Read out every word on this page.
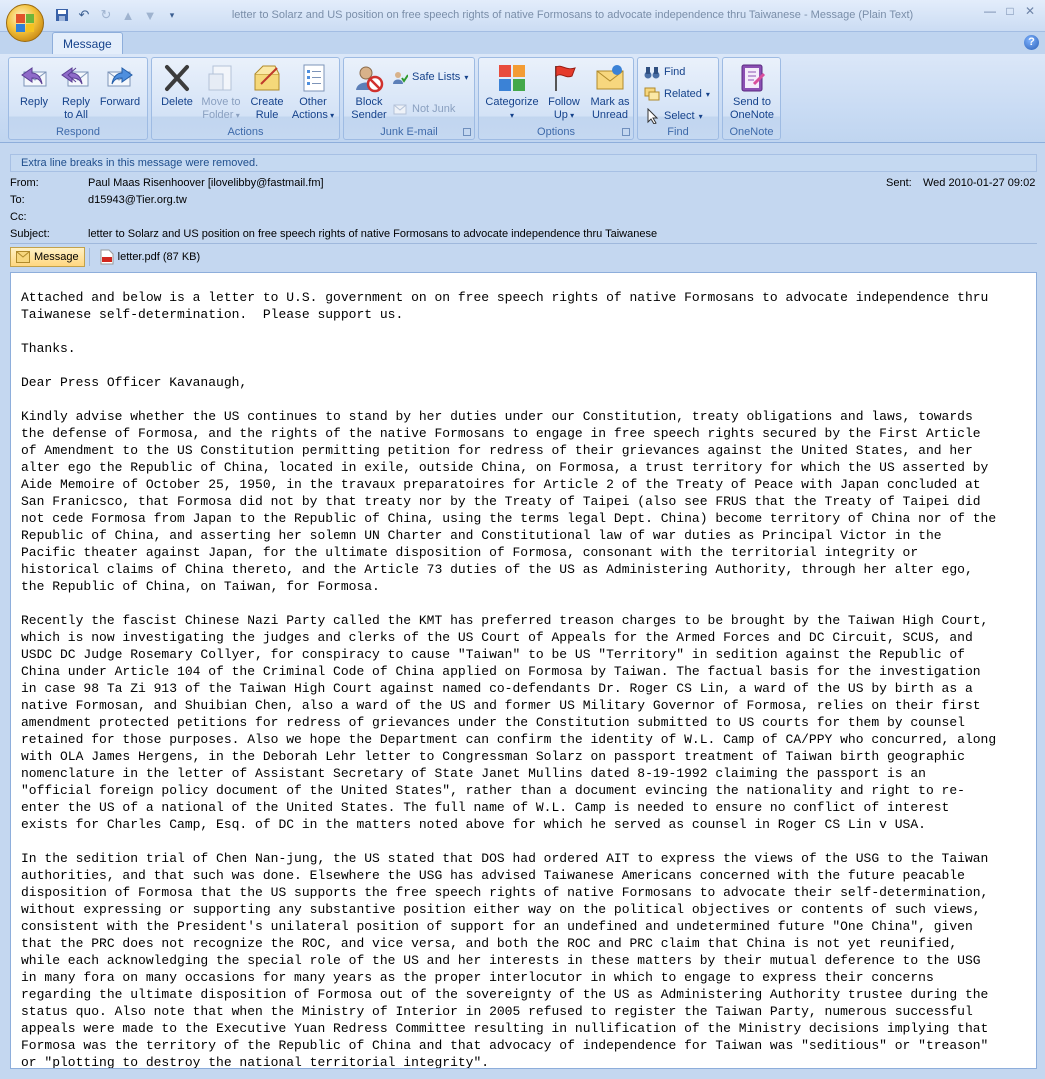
↶ ↻ ▲ ▼	▾	letter to Solarz and US position on free speech rights of native Formosans to advocate independence thru Taiwanese - Message (Plain Text)	— □ ✕
Message	?
Reply	Reply
to All
Forward
Respond
Delete Move to
Folder ▾
Create
Rule
Other
Actions ▾
Actions
Block
Sender
Safe Lists ▾
Not Junk
Junk E-mail
Categorize
▾
Follow
Up ▾
Mark as
Unread
Options
Find
Related ▾
Select ▾
Find
Send to
OneNote
OneNote
Extra line breaks in this message were removed.
From:	Paul Maas Risenhoover [ilovelibby@fastmail.fm]	Sent: Wed 2010-01-27 09:02
To:	d15943@Tier.org.tw
Cc:
Subject:	letter to Solarz and US position on free speech rights of native Formosans to advocate independence thru Taiwanese
Message	letter.pdf (87 KB)
Attached and below is a letter to U.S. government on on free speech rights of native Formosans to advocate independence thru
Taiwanese self-determination.  Please support us.

Thanks.

Dear Press Officer Kavanaugh,

Kindly advise whether the US continues to stand by her duties under our Constitution, treaty obligations and laws, towards
the defense of Formosa, and the rights of the native Formosans to engage in free speech rights secured by the First Article
of Amendment to the US Constitution permitting petition for redress of their grievances against the United States, and her
alter ego the Republic of China, located in exile, outside China, on Formosa, a trust territory for which the US asserted by
Aide Memoire of October 25, 1950, in the travaux preparatoires for Article 2 of the Treaty of Peace with Japan concluded at
San Franicsco, that Formosa did not by that treaty nor by the Treaty of Taipei (also see FRUS that the Treaty of Taipei did
not cede Formosa from Japan to the Republic of China, using the terms legal Dept. China) become territory of China nor of the
Republic of China, and asserting her solemn UN Charter and Constitutional law of war duties as Principal Victor in the
Pacific theater against Japan, for the ultimate disposition of Formosa, consonant with the territorial integrity or
historical claims of China thereto, and the Article 73 duties of the US as Administering Authority, through her alter ego,
the Republic of China, on Taiwan, for Formosa.

Recently the fascist Chinese Nazi Party called the KMT has preferred treason charges to be brought by the Taiwan High Court,
which is now investigating the judges and clerks of the US Court of Appeals for the Armed Forces and DC Circuit, SCUS, and
USDC DC Judge Rosemary Collyer, for conspiracy to cause "Taiwan" to be US "Territory" in sedition against the Republic of
China under Article 104 of the Criminal Code of China applied on Formosa by Taiwan. The factual basis for the investigation
in case 98 Ta Zi 913 of the Taiwan High Court against named co-defendants Dr. Roger CS Lin, a ward of the US by birth as a
native Formosan, and Shuibian Chen, also a ward of the US and former US Military Governor of Formosa, relies on their first
amendment protected petitions for redress of grievances under the Constitution submitted to US courts for them by counsel
retained for those purposes. Also we hope the Department can confirm the identity of W.L. Camp of CA/PPY who concurred, along
with OLA James Hergens, in the Deborah Lehr letter to Congressman Solarz on passport treatment of Taiwan birth geographic
nomenclature in the letter of Assistant Secretary of State Janet Mullins dated 8-19-1992 claiming the passport is an
"official foreign policy document of the United States", rather than a document evincing the nationality and right to re-
enter the US of a national of the United States. The full name of W.L. Camp is needed to ensure no conflict of interest
exists for Charles Camp, Esq. of DC in the matters noted above for which he served as counsel in Roger CS Lin v USA.

In the sedition trial of Chen Nan-jung, the US stated that DOS had ordered AIT to express the views of the USG to the Taiwan
authorities, and that such was done. Elsewhere the USG has advised Taiwanese Americans concerned with the future peacable
disposition of Formosa that the US supports the free speech rights of native Formosans to advocate their self-determination,
without expressing or supporting any substantive position either way on the political objectives or contents of such views,
consistent with the President's unilateral position of support for an undefined and undetermined future "One China", given
that the PRC does not recognize the ROC, and vice versa, and both the ROC and PRC claim that China is not yet reunified,
while each acknowledging the special role of the US and her interests in these matters by their mutual deference to the USG
in many fora on many occasions for many years as the proper interlocutor in which to engage to express their concerns
regarding the ultimate disposition of Formosa out of the sovereignty of the US as Administering Authority trustee during the
status quo. Also note that when the Ministry of Interior in 2005 refused to register the Taiwan Party, numerous successful
appeals were made to the Executive Yuan Redress Committee resulting in nullification of the Ministry decisions implying that
Formosa was the territory of the Republic of China and that advocacy of independence for Taiwan was "seditious" or "treason"
or "plotting to destroy the national territorial integrity".
